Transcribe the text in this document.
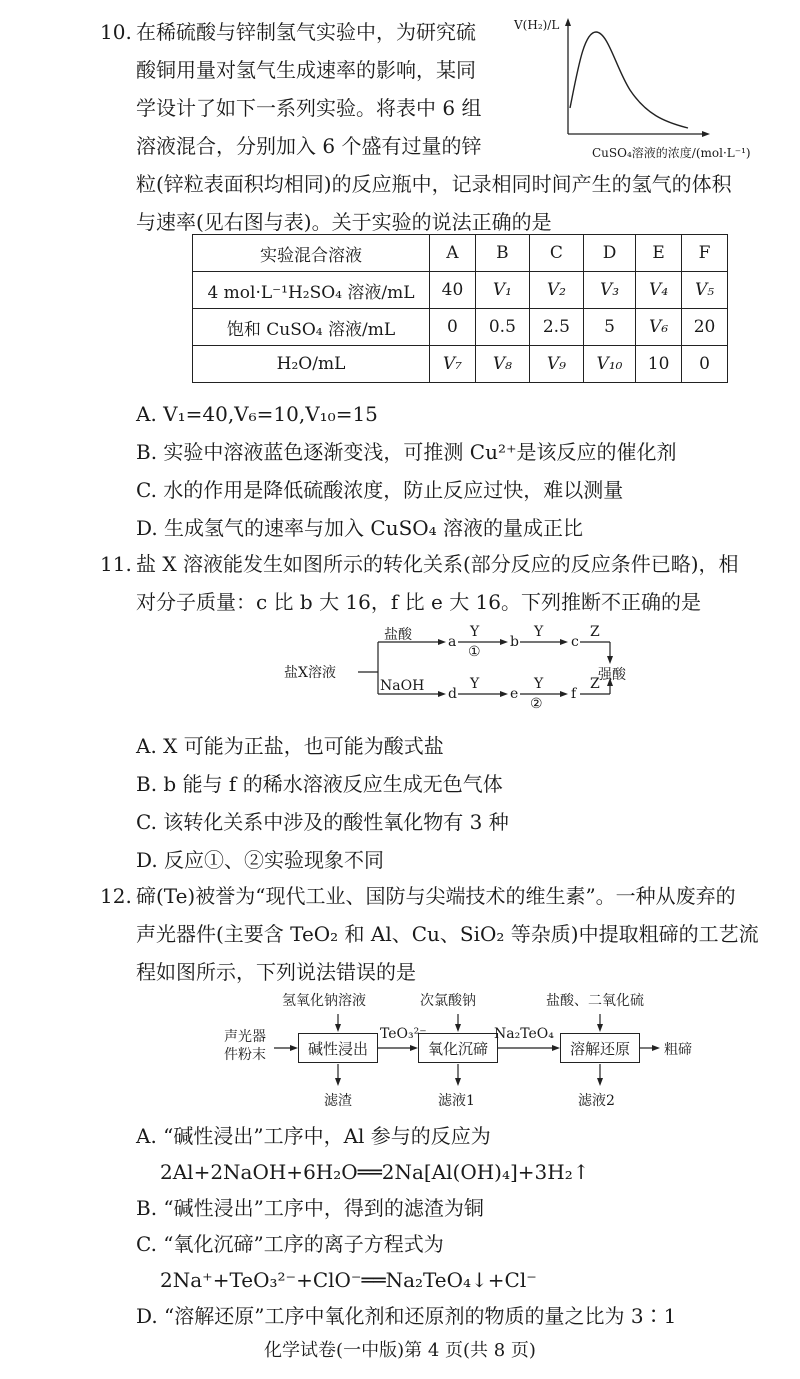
10. 在稀硫酸与锌制氢气实验中，为研究硫
酸铜用量对氢气生成速率的影响，某同
学设计了如下一系列实验。将表中 6 组
溶液混合，分别加入 6 个盛有过量的锌
粒(锌粒表面积均相同)的反应瓶中，记录相同时间产生的氢气的体积
与速率(见右图与表)。关于实验的说法正确的是
V(H₂)/L
CuSO₄溶液的浓度/(mol·L⁻¹)
实验混合溶液	A	B	C	D	E	F
4 mol·L⁻¹H₂SO₄ 溶液/mL	40	V₁	V₂	V₃	V₄	V₅
饱和 CuSO₄ 溶液/mL	0	0.5	2.5	5	V₆	20
H₂O/mL	V₇	V₈	V₉	V₁₀	10	0
A. V₁=40,V₆=10,V₁₀=15
B. 实验中溶液蓝色逐渐变浅，可推测 Cu²⁺是该反应的催化剂
C. 水的作用是降低硫酸浓度，防止反应过快，难以测量
D. 生成氢气的速率与加入 CuSO₄ 溶液的量成正比
11. 盐 X 溶液能发生如图所示的转化关系(部分反应的反应条件已略)，相
对分子质量：c 比 b 大 16，f 比 e 大 16。下列推断不正确的是
盐X溶液
盐酸
NaOH
a	b	c
d	e	f
Y	Y	Z
①
Y	Y	Z
②
强酸
A. X 可能为正盐，也可能为酸式盐
B. b 能与 f 的稀水溶液反应生成无色气体
C. 该转化关系中涉及的酸性氧化物有 3 种
D. 反应①、②实验现象不同
12. 碲(Te)被誉为“现代工业、国防与尖端技术的维生素”。一种从废弃的
声光器件(主要含 TeO₂ 和 Al、Cu、SiO₂ 等杂质)中提取粗碲的工艺流
程如图所示，下列说法错误的是
氢氧化钠溶液	次氯酸钠	盐酸、二氧化硫
声光器
件粉末	碱性浸出	氧化沉碲	溶解还原
TeO₃²⁻	Na₂TeO₄
粗碲
滤渣	滤液1	滤液2
A. “碱性浸出”工序中，Al 参与的反应为
2Al+2NaOH+6H₂O══2Na[Al(OH)₄]+3H₂↑
B. “碱性浸出”工序中，得到的滤渣为铜
C. “氧化沉碲”工序的离子方程式为
2Na⁺+TeO₃²⁻+ClO⁻══Na₂TeO₄↓+Cl⁻
D. “溶解还原”工序中氧化剂和还原剂的物质的量之比为 3∶1
化学试卷(一中版)第 4 页(共 8 页)
